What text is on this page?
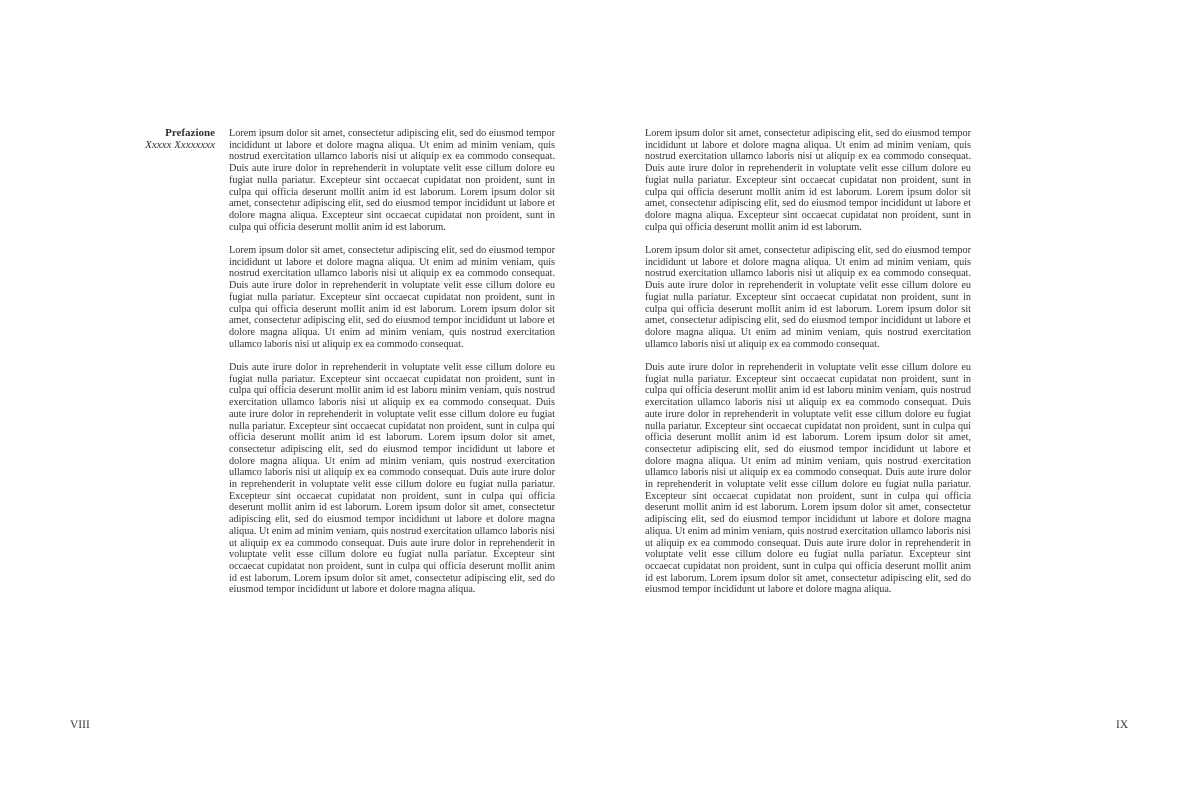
Prefazione
Xxxxx Xxxxxxxx

Lorem ipsum dolor sit amet, consectetur adipiscing elit, sed do eiusmod tempor incididunt ut labore et dolore magna aliqua. Ut enim ad minim veniam, quis nostrud exercitation ullamco laboris nisi ut aliquip ex ea commodo consequat. Duis aute irure dolor in reprehenderit in voluptate velit esse cillum dolore eu fugiat nulla pariatur. Excepteur sint occaecat cupidatat non proident, sunt in culpa qui officia deserunt mollit anim id est laborum. Lorem ipsum dolor sit amet, consectetur adipiscing elit, sed do eiusmod tempor incididunt ut labore et dolore magna aliqua. Excepteur sint occaecat cupidatat non proident, sunt in culpa qui officia deserunt mollit anim id est laborum.

Lorem ipsum dolor sit amet, consectetur adipiscing elit, sed do eiusmod tempor incididunt ut labore et dolore magna aliqua. Ut enim ad minim veniam, quis nostrud exercitation ullamco laboris nisi ut aliquip ex ea commodo consequat. Duis aute irure dolor in reprehenderit in voluptate velit esse cillum dolore eu fugiat nulla pariatur. Excepteur sint occaecat cupidatat non proident, sunt in culpa qui officia deserunt mollit anim id est laborum. Lorem ipsum dolor sit amet, consectetur adipiscing elit, sed do eiusmod tempor incididunt ut labore et dolore magna aliqua. Ut enim ad minim veniam, quis nostrud exercitation ullamco laboris nisi ut aliquip ex ea commodo consequat.

Duis aute irure dolor in reprehenderit in voluptate velit esse cillum dolore eu fugiat nulla pariatur. Excepteur sint occaecat cupidatat non proident, sunt in culpa qui officia deserunt mollit anim id est laboru minim veniam, quis nostrud exercitation ullamco laboris nisi ut aliquip ex ea commodo consequat. Duis aute irure dolor in reprehenderit in voluptate velit esse cillum dolore eu fugiat nulla pariatur. Excepteur sint occaecat cupidatat non proident, sunt in culpa qui officia deserunt mollit anim id est laborum. Lorem ipsum dolor sit amet, consectetur adipiscing elit, sed do eiusmod tempor incididunt ut labore et dolore magna aliqua. Ut enim ad minim veniam, quis nostrud exercitation ullamco laboris nisi ut aliquip ex ea commodo consequat. Duis aute irure dolor in reprehenderit in voluptate velit esse cillum dolore eu fugiat nulla pariatur. Excepteur sint occaecat cupidatat non proident, sunt in culpa qui officia deserunt mollit anim id est laborum. Lorem ipsum dolor sit amet, consectetur adipiscing elit, sed do eiusmod tempor incididunt ut labore et dolore magna aliqua. Ut enim ad minim veniam, quis nostrud exercitation ullamco laboris nisi ut aliquip ex ea commodo consequat. Duis aute irure dolor in reprehenderit in voluptate velit esse cillum dolore eu fugiat nulla pariatur. Excepteur sint occaecat cupidatat non proident, sunt in culpa qui officia deserunt mollit anim id est laborum. Lorem ipsum dolor sit amet, consectetur adipiscing elit, sed do eiusmod tempor incididunt ut labore et dolore magna aliqua.

Lorem ipsum dolor sit amet, consectetur adipiscing elit, sed do eiusmod tempor incididunt ut labore et dolore magna aliqua. Ut enim ad minim veniam, quis nostrud exercitation ullamco laboris nisi ut aliquip ex ea commodo consequat. Duis aute irure dolor in reprehenderit in voluptate velit esse cillum dolore eu fugiat nulla pariatur. Excepteur sint occaecat cupidatat non proident, sunt in culpa qui officia deserunt mollit anim id est laborum. Lorem ipsum dolor sit amet, consectetur adipiscing elit, sed do eiusmod tempor incididunt ut labore et dolore magna aliqua. Excepteur sint occaecat cupidatat non proident, sunt in culpa qui officia deserunt mollit anim id est laborum.

Lorem ipsum dolor sit amet, consectetur adipiscing elit, sed do eiusmod tempor incididunt ut labore et dolore magna aliqua. Ut enim ad minim veniam, quis nostrud exercitation ullamco laboris nisi ut aliquip ex ea commodo consequat. Duis aute irure dolor in reprehenderit in voluptate velit esse cillum dolore eu fugiat nulla pariatur. Excepteur sint occaecat cupidatat non proident, sunt in culpa qui officia deserunt mollit anim id est laborum. Lorem ipsum dolor sit amet, consectetur adipiscing elit, sed do eiusmod tempor incididunt ut labore et dolore magna aliqua. Ut enim ad minim veniam, quis nostrud exercitation ullamco laboris nisi ut aliquip ex ea commodo consequat.

Duis aute irure dolor in reprehenderit in voluptate velit esse cillum dolore eu fugiat nulla pariatur. Excepteur sint occaecat cupidatat non proident, sunt in culpa qui officia deserunt mollit anim id est laboru minim veniam, quis nostrud exercitation ullamco laboris nisi ut aliquip ex ea commodo consequat. Duis aute irure dolor in reprehenderit in voluptate velit esse cillum dolore eu fugiat nulla pariatur. Excepteur sint occaecat cupidatat non proident, sunt in culpa qui officia deserunt mollit anim id est laborum. Lorem ipsum dolor sit amet, consectetur adipiscing elit, sed do eiusmod tempor incididunt ut labore et dolore magna aliqua. Ut enim ad minim veniam, quis nostrud exercitation ullamco laboris nisi ut aliquip ex ea commodo consequat. Duis aute irure dolor in reprehenderit in voluptate velit esse cillum dolore eu fugiat nulla pariatur. Excepteur sint occaecat cupidatat non proident, sunt in culpa qui officia deserunt mollit anim id est laborum. Lorem ipsum dolor sit amet, consectetur adipiscing elit, sed do eiusmod tempor incididunt ut labore et dolore magna aliqua. Ut enim ad minim veniam, quis nostrud exercitation ullamco laboris nisi ut aliquip ex ea commodo consequat. Duis aute irure dolor in reprehenderit in voluptate velit esse cillum dolore eu fugiat nulla pariatur. Excepteur sint occaecat cupidatat non proident, sunt in culpa qui officia deserunt mollit anim id est laborum. Lorem ipsum dolor sit amet, consectetur adipiscing elit, sed do eiusmod tempor incididunt ut labore et dolore magna aliqua.

VIII	IX
